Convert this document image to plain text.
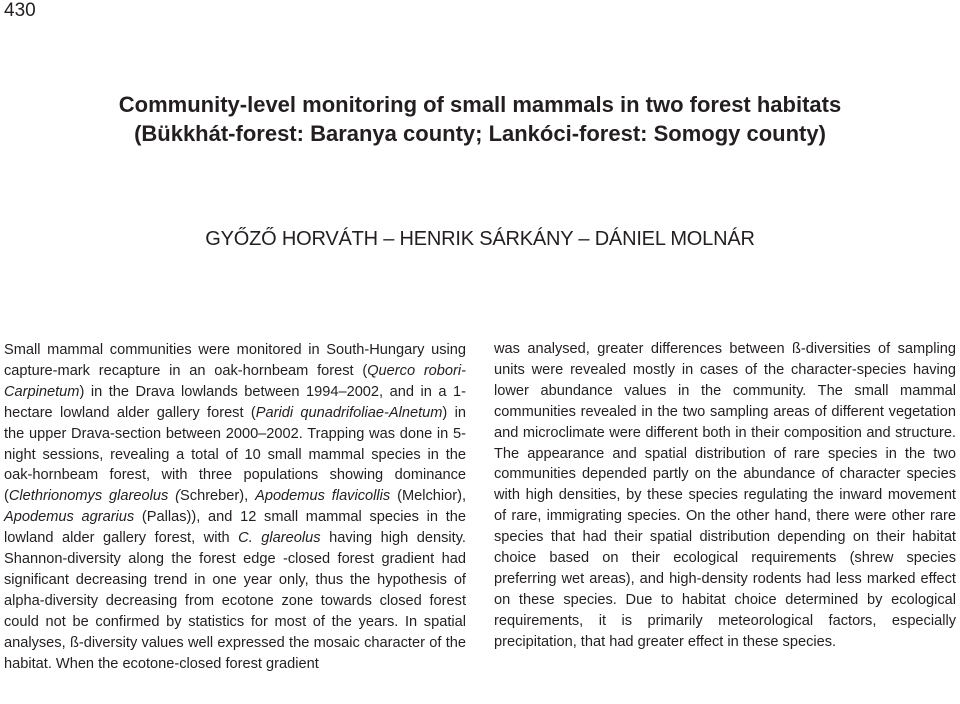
430
Community-level monitoring of small mammals in two forest habitats
(Bükkhát-forest: Baranya county; Lankóci-forest: Somogy county)
GYŐZŐ HORVÁTH – HENRIK SÁRKÁNY – DÁNIEL MOLNÁR

Small mammal communities were monitored in South-Hungary using capture-mark recapture in an oak-hornbeam forest (Querco robori-Carpinetum) in the Drava lowlands between 1994–2002, and in a 1-hectare lowland alder gallery forest (Paridi qunadrifoliae-Alnetum) in the upper Drava-section between 2000–2002. Trapping was done in 5-night sessions, revealing a total of 10 small mammal species in the oak-hornbeam forest, with three populations showing dominance (Clethrionomys glareolus (Schreber), Apodemus flavicollis (Melchior), Apodemus agrarius (Pallas)), and 12 small mammal species in the lowland alder gallery forest, with C. glareolus having high density. Shannon-diversity along the forest edge -closed forest gradient had significant decreasing trend in one year only, thus the hypothesis of alpha-diversity decreasing from ecotone zone towards closed forest could not be confirmed by statistics for most of the years. In spatial analyses, ß-diversity values well expressed the mosaic character of the habitat. When the ecotone-closed forest gradient

was analysed, greater differences between ß-diversities of sampling units were revealed mostly in cases of the character-species having lower abundance values in the community. The small mammal communities revealed in the two sampling areas of different vegetation and microclimate were different both in their composition and structure. The appearance and spatial distribution of rare species in the two communities depended partly on the abundance of character species with high densities, by these species regulating the inward movement of rare, immigrating species. On the other hand, there were other rare species that had their spatial distribution depending on their habitat choice based on their ecological requirements (shrew species preferring wet areas), and high-density rodents had less marked effect on these species. Due to habitat choice determined by ecological requirements, it is primarily meteorological factors, especially precipitation, that had greater effect in these species.
